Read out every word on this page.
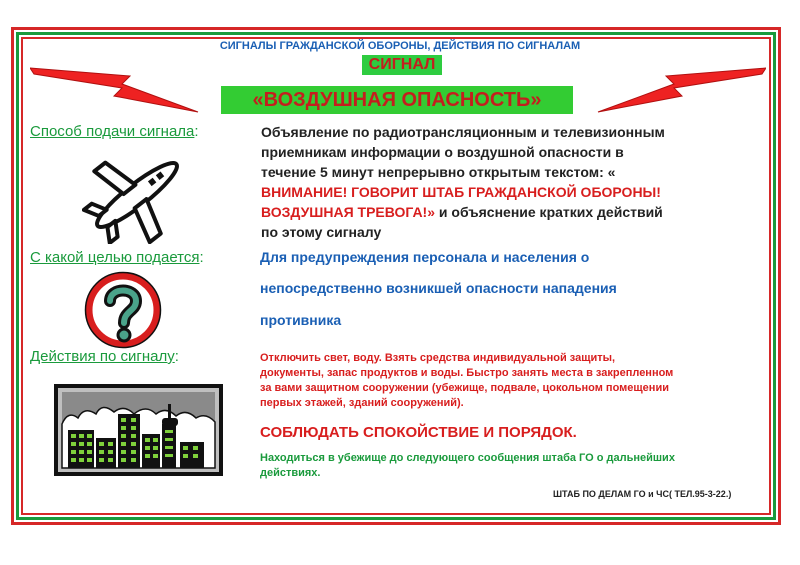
СИГНАЛЫ ГРАЖДАНСКОЙ ОБОРОНЫ, ДЕЙСТВИЯ ПО СИГНАЛАМ
СИГНАЛ
«ВОЗДУШНАЯ ОПАСНОСТЬ»
Способ подачи сигнала:	Объявление по радиотрансляционным и телевизионным
приемникам информации о воздушной опасности в
течение 5 минут непрерывно открытым текстом: «
ВНИМАНИЕ! ГОВОРИТ ШТАБ ГРАЖДАНСКОЙ ОБОРОНЫ!
ВОЗДУШНАЯ ТРЕВОГА!» и объяснение кратких действий
по этому сигналу
С какой целью подается:	Для предупреждения персонала и населения о
непосредственно возникшей опасности нападения
противника
Действия по сигналу:	Отключить свет, воду. Взять средства индивидуальной защиты,
документы, запас продуктов и воды. Быстро занять места в закрепленном
за вами защитном сооружении (убежище, подвале, цокольном помещении
первых этажей, зданий сооружений).
СОБЛЮДАТЬ СПОКОЙСТВИЕ И ПОРЯДОК.
Находиться в убежище до следующего сообщения штаба ГО о дальнейших
действиях.
ШТАБ ПО ДЕЛАМ ГО и ЧС( ТЕЛ.95-3-22.)
